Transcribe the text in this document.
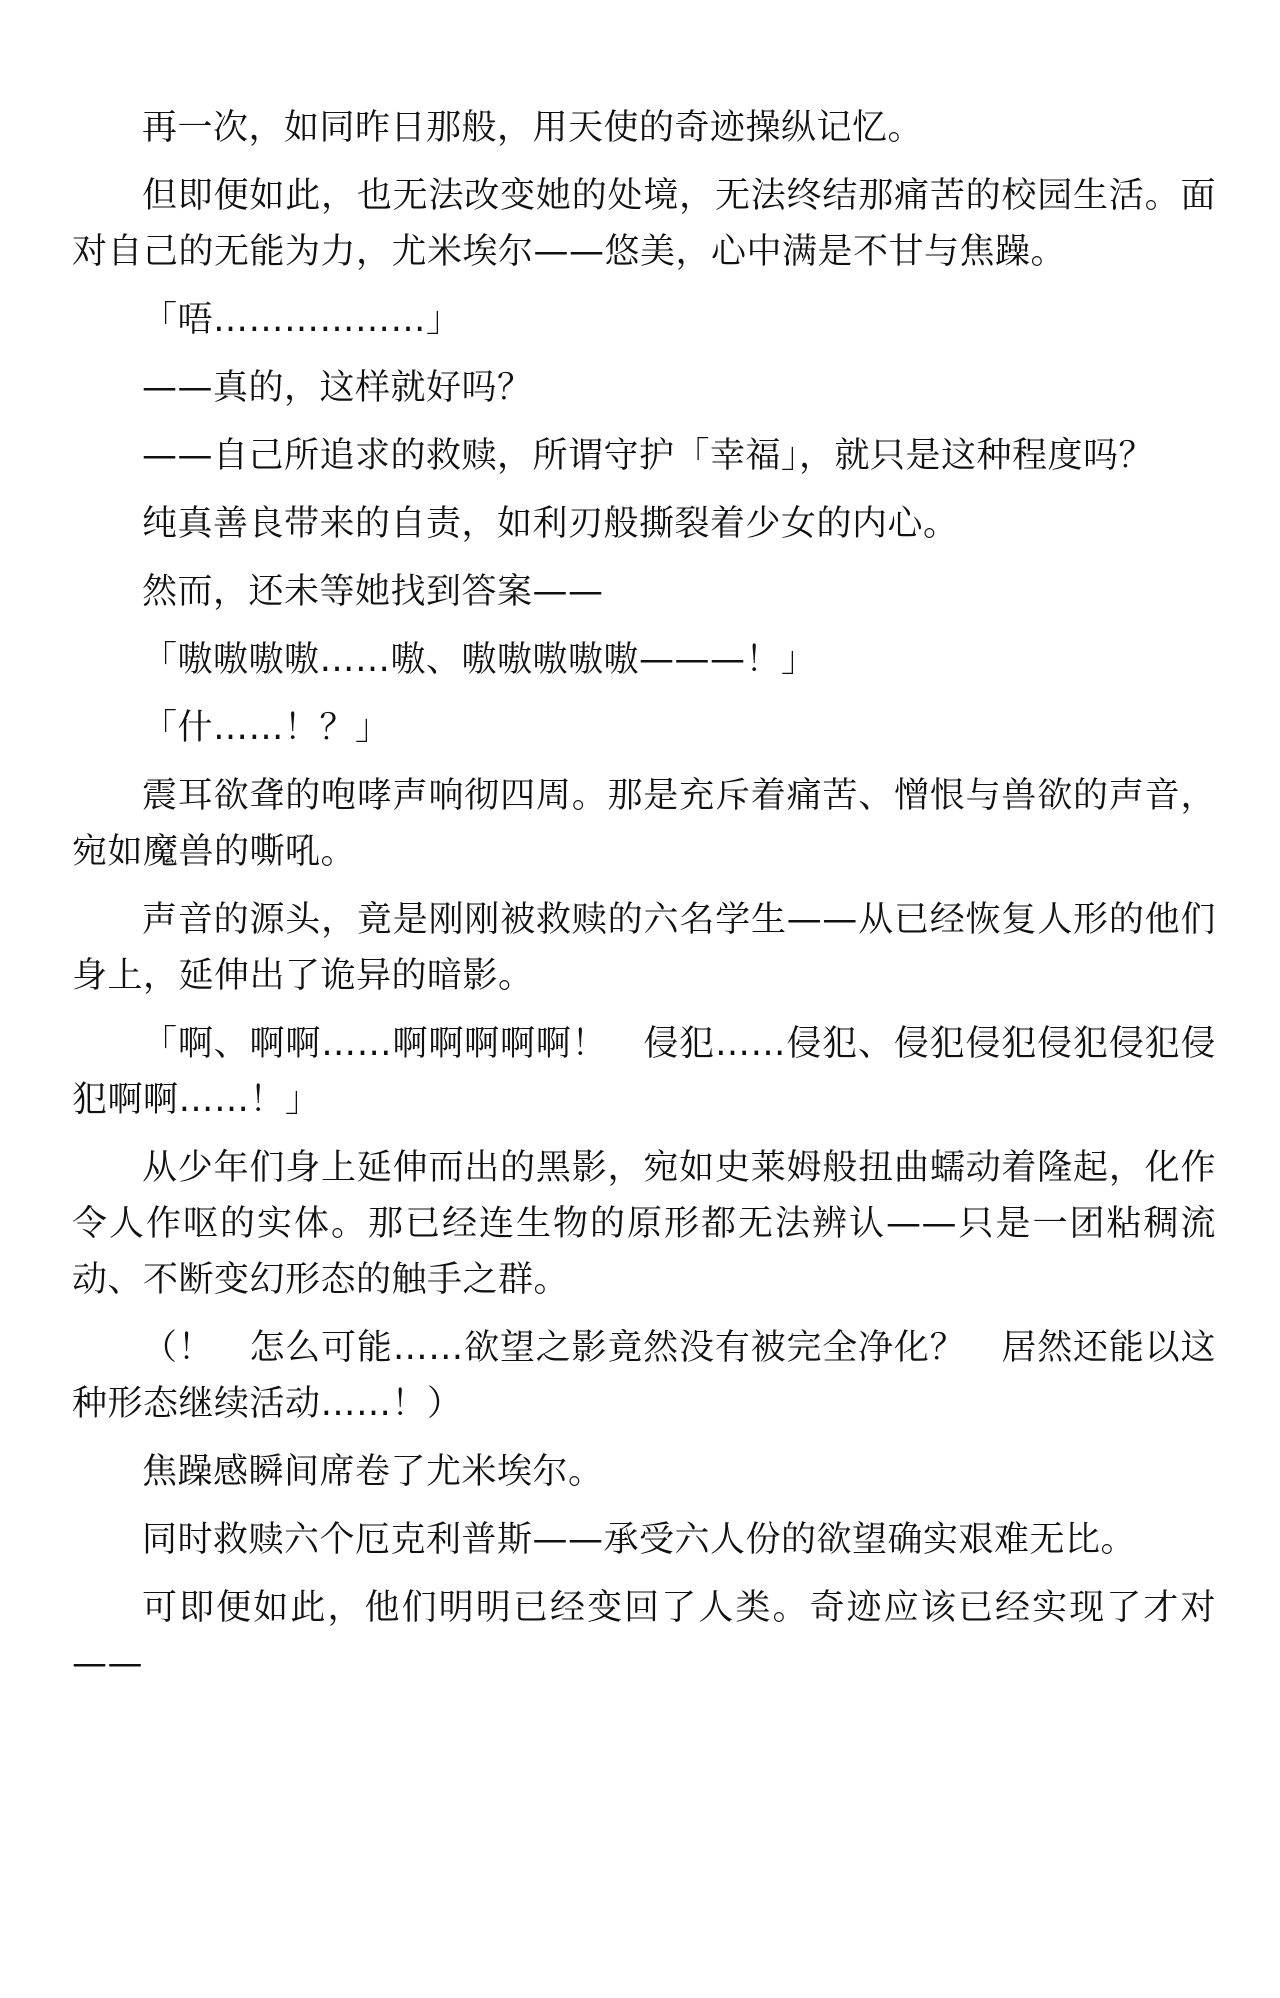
再一次，如同昨日那般，用天使的奇迹操纵记忆。

但即便如此，也无法改变她的处境，无法终结那痛苦的校园生活。面对自己的无能为力，尤米埃尔——悠美，心中满是不甘与焦躁。

「唔………………」

——真的，这样就好吗？

——自己所追求的救赎，所谓守护「幸福」，就只是这种程度吗？

纯真善良带来的自责，如利刃般撕裂着少女的内心。

然而，还未等她找到答案——

「嗷嗷嗷嗷……嗷、嗷嗷嗷嗷嗷———！」

「什……！？」

震耳欲聋的咆哮声响彻四周。那是充斥着痛苦、憎恨与兽欲的声音，宛如魔兽的嘶吼。

声音的源头，竟是刚刚被救赎的六名学生——从已经恢复人形的他们身上，延伸出了诡异的暗影。

「啊、啊啊……啊啊啊啊啊！　侵犯……侵犯、侵犯侵犯侵犯侵犯侵犯啊啊……！」

从少年们身上延伸而出的黑影，宛如史莱姆般扭曲蠕动着隆起，化作令人作呕的实体。那已经连生物的原形都无法辨认——只是一团粘稠流动、不断变幻形态的触手之群。

（！　怎么可能……欲望之影竟然没有被完全净化？　居然还能以这种形态继续活动……！）

焦躁感瞬间席卷了尤米埃尔。

同时救赎六个厄克利普斯——承受六人份的欲望确实艰难无比。

可即便如此，他们明明已经变回了人类。奇迹应该已经实现了才对——
